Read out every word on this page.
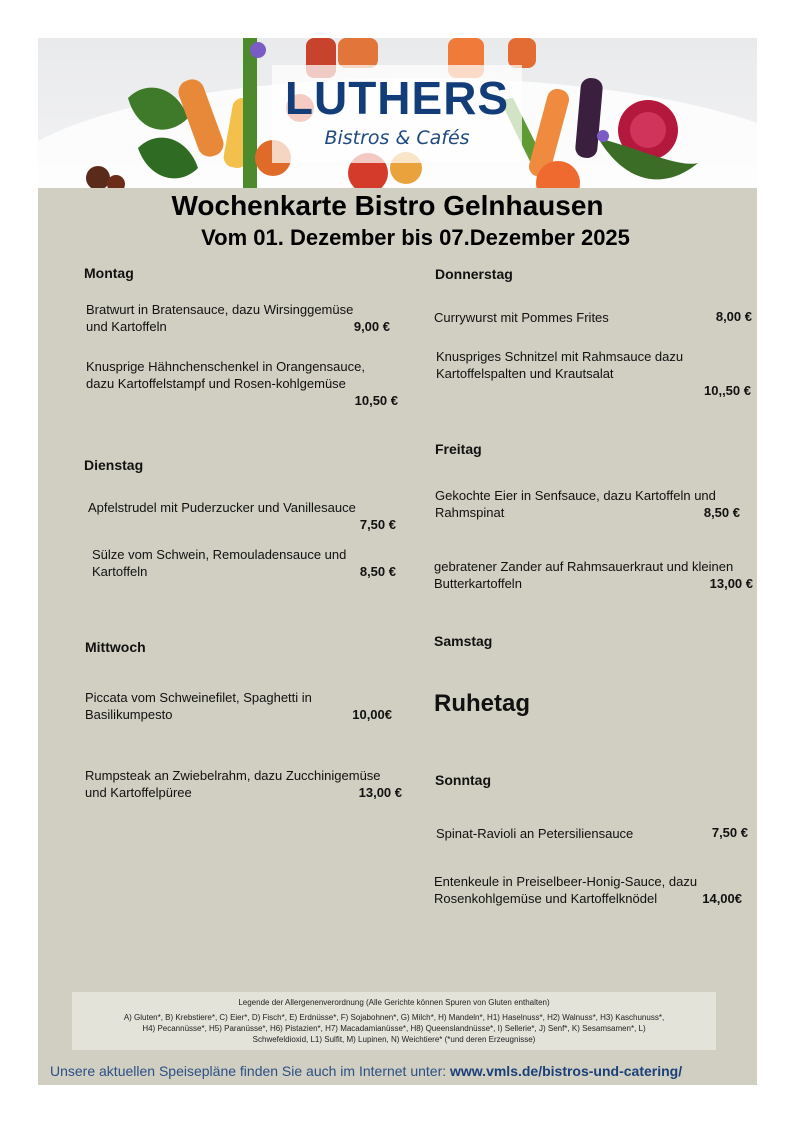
LUTHERS
Bistros & Cafés
Wochenkarte Bistro Gelnhausen
Vom 01. Dezember bis 07.Dezember 2025
Montag
Bratwurt in Bratensauce, dazu Wirsinggemüse
und Kartoffeln	9,00 €
Knusprige Hähnchenschenkel in Orangensauce,
dazu Kartoffelstampf und Rosen-kohlgemüse
10,50 €
Dienstag
Apfelstrudel mit Puderzucker und Vanillesauce
7,50 €
Sülze vom Schwein, Remouladensauce und
Kartoffeln	8,50 €
Mittwoch
Piccata vom Schweinefilet, Spaghetti in
Basilikumpesto	10,00€
Rumpsteak an Zwiebelrahm, dazu Zucchinigemüse
und Kartoffelpüree	13,00 €
Donnerstag
Currywurst mit Pommes Frites	8,00 €
Knuspriges Schnitzel mit Rahmsauce dazu
Kartoffelspalten und Krautsalat
10,,50 €
Freitag
Gekochte Eier in Senfsauce, dazu Kartoffeln und
Rahmspinat	8,50 €
gebratener Zander auf Rahmsauerkraut und kleinen
Butterkartoffeln	13,00 €
Samstag
Ruhetag
Sonntag
Spinat-Ravioli an Petersiliensauce	7,50 €
Entenkeule in Preiselbeer-Honig-Sauce, dazu
Rosenkohlgemüse und Kartoffelknödel	14,00€
Legende der Allergenenverordnung (Alle Gerichte können Spuren von Gluten enthalten)
A) Gluten*, B) Krebstiere*, C) Eier*, D) Fisch*, E) Erdnüsse*, F) Sojabohnen*, G) Milch*, H) Mandeln*, H1) Haselnuss*, H2) Walnuss*, H3) Kaschunuss*, H4) Pecannüsse*, H5) Paranüsse*, H6) Pistazien*, H7) Macadamianüsse*, H8) Queenslandnüsse*, I) Sellerie*, J) Senf*, K) Sesamsamen*, L) Schwefeldioxid, L1) Sulfit, M) Lupinen, N) Weichtiere* (*und deren Erzeugnisse)
Unsere aktuellen Speisepläne finden Sie auch im Internet unter: www.vmls.de/bistros-und-catering/
